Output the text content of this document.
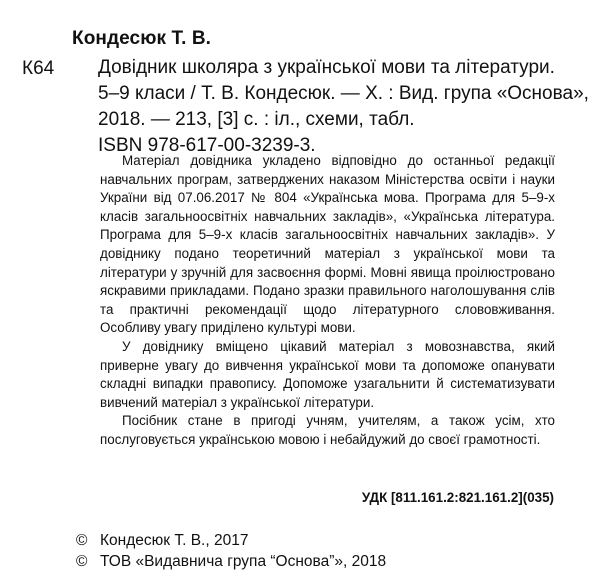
Кондесюк Т. В.
К64 Довідник школяра з української мови та літератури.
5–9 класи / Т. В. Кондесюк. — Х. : Вид. група «Основа»,
2018. — 213, [3] с. : іл., схеми, табл.
ISBN 978-617-00-3239-3.

Матеріал довідника укладено відповідно до останньої редакції навчальних програм, затверджених наказом Міністерства освіти і науки України від 07.06.2017 № 804 «Українська мова. Програма для 5–9-х класів загальноосвітніх навчальних закладів», «Українська література. Програма для 5–9-х класів загальноосвітніх навчальних закладів». У довіднику подано теоретичний матеріал з української мови та літератури у зручній для засвоєння формі. Мовні явища проілюстровано яскравими прикладами. Подано зразки правильного наголошування слів та практичні рекомендації щодо літературного слововживання. Особливу увагу приділено культурі мови.

У довіднику вміщено цікавий матеріал з мовознавства, який приверне увагу до вивчення української мови та допоможе опанувати складні випадки правопису. Допоможе узагальнити й систематизувати вивчений матеріал з української літератури.

Посібник стане в пригоді учням, учителям, а також усім, хто послуговується українською мовою і небайдужий до своєї грамотності.

УДК [811.161.2:821.161.2](035)
© Кондесюк Т. В., 2017
© ТОВ «Видавнича група “Основа”», 2018
